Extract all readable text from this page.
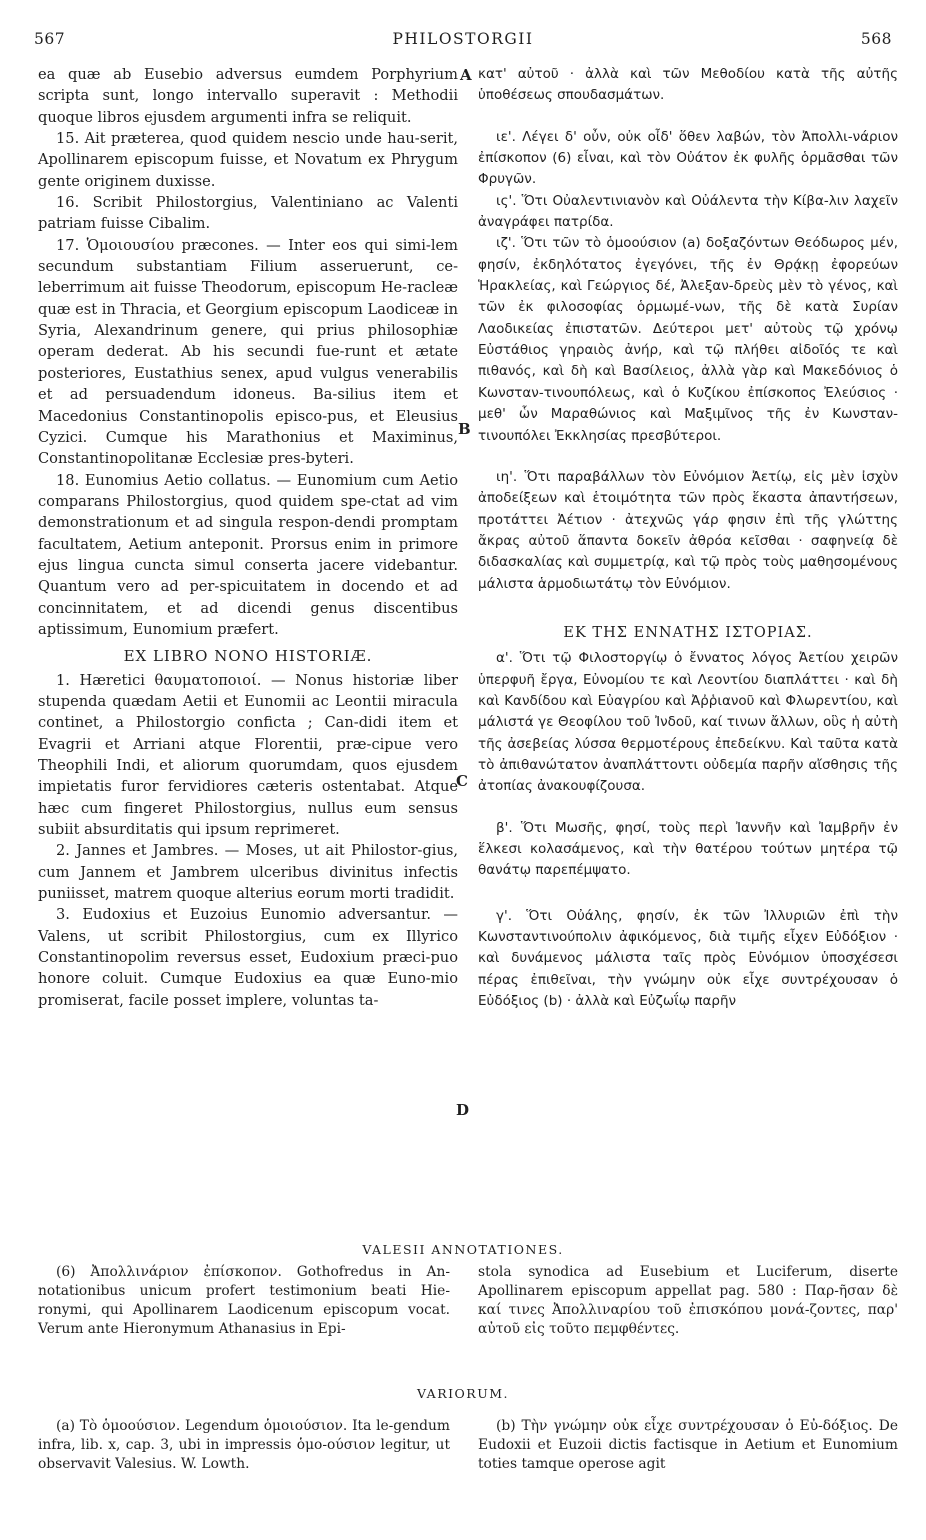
567	PHILOSTORGII	568

ea quæ ab Eusebio adversus eumdem Porphyrium scripta sunt, longo intervallo superavit : Methodii quoque libros ejusdem argumenti infra se reliquit.

15. Ait præterea, quod quidem nescio unde hau-serit, Apollinarem episcopum fuisse, et Novatum ex Phrygum gente originem duxisse.

16. Scribit Philostorgius, Valentiniano ac Valenti patriam fuisse Cibalim.

17. Ὁμοιουσίου præcones. — Inter eos qui simi-lem secundum substantiam Filium asseruerunt, ce-leberrimum ait fuisse Theodorum, episcopum He-racleæ quæ est in Thracia, et Georgium episcopum Laodiceæ in Syria, Alexandrinum genere, qui prius philosophiæ operam dederat. Ab his secundi fue-runt et ætate posteriores, Eustathius senex, apud vulgus venerabilis et ad persuadendum idoneus. Ba-silius item et Macedonius Constantinopolis episco-pus, et Eleusius Cyzici. Cumque his Marathonius et Maximinus, Constantinopolitanæ Ecclesiæ pres-byteri.

18. Eunomius Aetio collatus. — Eunomium cum Aetio comparans Philostorgius, quod quidem spe-ctat ad vim demonstrationum et ad singula respon-dendi promptam facultatem, Aetium anteponit. Prorsus enim in primore ejus lingua cuncta simul conserta jacere videbantur. Quantum vero ad per-spicuitatem in docendo et ad concinnitatem, et ad dicendi genus discentibus aptissimum, Eunomium præfert.

EX LIBRO NONO HISTORIÆ.

1. Hæretici θαυματοποιοί. — Nonus historiæ liber stupenda quædam Aetii et Eunomii ac Leontii miracula continet, a Philostorgio conficta ; Can-didi item et Evagrii et Arriani atque Florentii, præ-cipue vero Theophili Indi, et aliorum quorumdam, quos ejusdem impietatis furor fervidiores cæteris ostentabat. Atque hæc cum fingeret Philostorgius, nullus eum sensus subiit absurditatis qui ipsum reprimeret.

2. Jannes et Jambres. — Moses, ut ait Philostor-gius, cum Jannem et Jambrem ulceribus divinitus infectis puniisset, matrem quoque alterius eorum morti tradidit.

3. Eudoxius et Euzoius Eunomio adversantur. — Valens, ut scribit Philostorgius, cum ex Illyrico Constantinopolim reversus esset, Eudoxium præci-puo honore coluit. Cumque Eudoxius ea quæ Euno-mio promiserat, facile posset implere, voluntas ta-

A
B
C
D

κατ' αὐτοῦ · ἀλλὰ καὶ τῶν Μεθοδίου κατὰ τῆς αὐτῆς ὑποθέσεως σπουδασμάτων.

ιε'. Λέγει δ' οὖν, οὐκ οἶδ' ὅθεν λαβών, τὸν Ἀπολλι-νάριον ἐπίσκοπον (6) εἶναι, καὶ τὸν Οὐάτον ἐκ φυλῆς ὁρμᾶσθαι τῶν Φρυγῶν.

ις'. Ὅτι Οὐαλεντινιανὸν καὶ Οὐάλεντα τὴν Κίβα-λιν λαχεῖν ἀναγράφει πατρίδα.

ιζ'. Ὅτι τῶν τὸ ὁμοούσιον (a) δοξαζόντων Θεόδωρος μέν, φησίν, ἐκδηλότατος ἐγεγόνει, τῆς ἐν Θρᾴκῃ ἐφορεύων Ἡρακλείας, καὶ Γεώργιος δέ, Ἀλεξαν-δρεὺς μὲν τὸ γένος, καὶ τῶν ἐκ φιλοσοφίας ὁρμωμέ-νων, τῆς δὲ κατὰ Συρίαν Λαοδικείας ἐπιστατῶν. Δεύτεροι μετ' αὐτοὺς τῷ χρόνῳ Εὐστάθιος γηραιὸς ἀνήρ, καὶ τῷ πλήθει αἰδοῖός τε καὶ πιθανός, καὶ δὴ καὶ Βασίλειος, ἀλλὰ γὰρ καὶ Μακεδόνιος ὁ Κωνσταν-τινουπόλεως, καὶ ὁ Κυζίκου ἐπίσκοπος Ἐλεύσιος · μεθ' ὧν Μαραθώνιος καὶ Μαξιμῖνος τῆς ἐν Κωνσταν-τινουπόλει Ἐκκλησίας πρεσβύτεροι.

ιη'. Ὅτι παραβάλλων τὸν Εὐνόμιον Ἀετίῳ, εἰς μὲν ἰσχὺν ἀποδείξεων καὶ ἑτοιμότητα τῶν πρὸς ἕκαστα ἀπαντήσεων, προτάττει Ἀέτιον · ἀτεχνῶς γάρ φησιν ἐπὶ τῆς γλώττης ἄκρας αὐτοῦ ἅπαντα δοκεῖν ἀθρόα κεῖσθαι · σαφηνείᾳ δὲ διδασκαλίας καὶ συμμετρίᾳ, καὶ τῷ πρὸς τοὺς μαθησομένους μάλιστα ἁρμοδιωτάτῳ τὸν Εὐνόμιον.

ΕΚ ΤΗΣ ΕΝΝΑΤΗΣ ΙΣΤΟΡΙΑΣ.

α'. Ὅτι τῷ Φιλοστοργίῳ ὁ ἔννατος λόγος Ἀετίου χειρῶν ὑπερφυῆ ἔργα, Εὐνομίου τε καὶ Λεοντίου διαπλάττει · καὶ δὴ καὶ Κανδίδου καὶ Εὐαγρίου καὶ Ἀῤῥιανοῦ καὶ Φλωρεντίου, καὶ μάλιστά γε Θεοφίλου τοῦ Ἰνδοῦ, καί τινων ἄλλων, οὓς ἡ αὐτὴ τῆς ἀσεβείας λύσσα θερμοτέρους ἐπεδείκνυ. Καὶ ταῦτα κατὰ τὸ ἀπιθανώτατον ἀναπλάττοντι οὐδεμία παρῆν αἴσθησις τῆς ἀτοπίας ἀνακουφίζουσα.

β'. Ὅτι Μωσῆς, φησί, τοὺς περὶ Ἰαννῆν καὶ Ἰαμβρῆν ἐν ἕλκεσι κολασάμενος, καὶ τὴν θατέρου τούτων μητέρα τῷ θανάτῳ παρεπέμψατο.

γ'. Ὅτι Οὐάλης, φησίν, ἐκ τῶν Ἰλλυριῶν ἐπὶ τὴν Κωνσταντινούπολιν ἀφικόμενος, διὰ τιμῆς εἶχεν Εὐδόξιον · καὶ δυνάμενος μάλιστα ταῖς πρὸς Εὐνόμιον ὑποσχέσεσι πέρας ἐπιθεῖναι, τὴν γνώμην οὐκ εἶχε συντρέχουσαν ὁ Εὐδόξιος (b) · ἀλλὰ καὶ Εὐζωΐῳ παρῆν

VALESII ANNOTATIONES.

(6) Ἀπολλινάριον ἐπίσκοπον. Gothofredus in An-notationibus unicum profert testimonium beati Hie-ronymi, qui Apollinarem Laodicenum episcopum vocat. Verum ante Hieronymum Athanasius in Epi-

stola synodica ad Eusebium et Luciferum, diserte Apollinarem episcopum appellat pag. 580 : Παρ-ῆσαν δὲ καί τινες Ἀπολλιναρίου τοῦ ἐπισκόπου μονά-ζοντες, παρ' αὐτοῦ εἰς τοῦτο πεμφθέντες.

VARIORUM.

(a) Τὸ ὁμοούσιον. Legendum ὁμοιούσιον. Ita le-gendum infra, lib. x, cap. 3, ubi in impressis ὁμο-ούσιον legitur, ut observavit Valesius. W. Lowth.

(b) Τὴν γνώμην οὐκ εἶχε συντρέχουσαν ὁ Εὐ-δόξιος. De Eudoxii et Euzoii dictis factisque in Aetium et Eunomium toties tamque operose agit
